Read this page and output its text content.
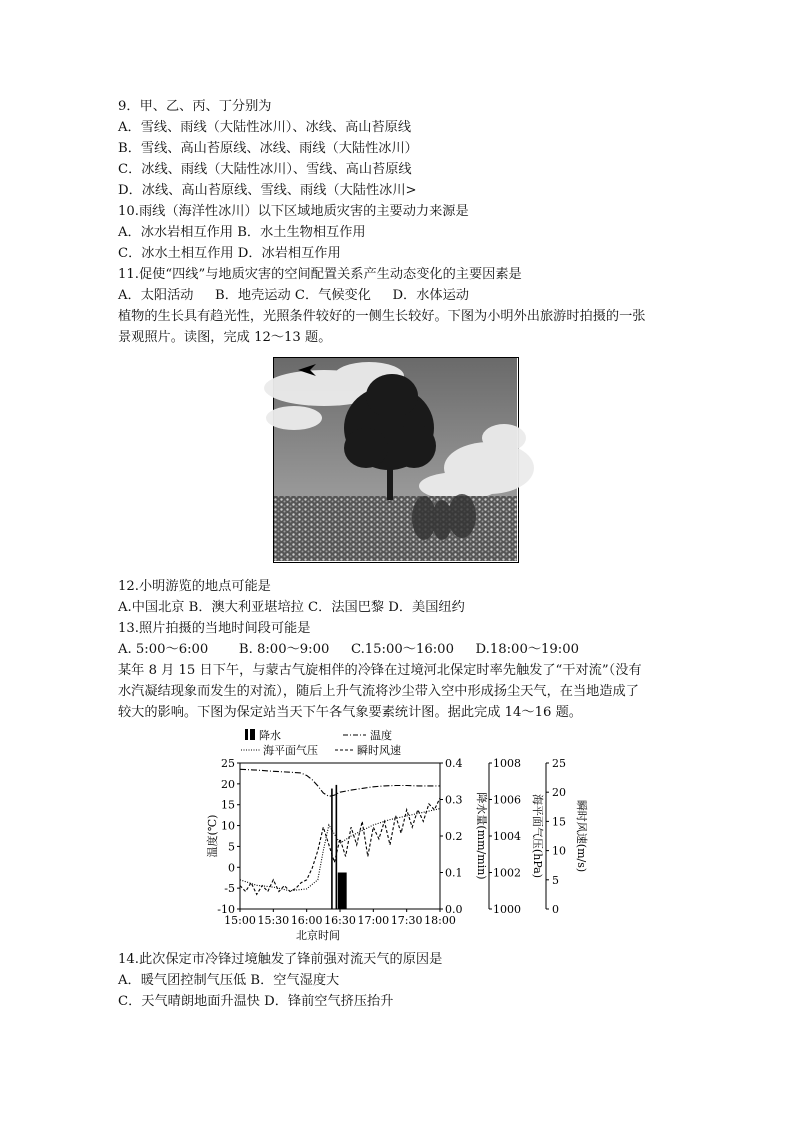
9．甲、乙、丙、丁分别为
A．雪线、雨线（大陆性冰川）、冰线、高山苔原线
B．雪线、高山苔原线、冰线、雨线（大陆性冰川）
C．冰线、雨线（大陆性冰川）、雪线、高山苔原线
D．冰线、高山苔原线、雪线、雨线（大陆性冰川>
10.雨线（海洋性冰川）以下区域地质灾害的主要动力来源是
A．冰水岩相互作用 B．水土生物相互作用
C．冰水土相互作用 D．冰岩相互作用
11.促使“四线”与地质灾害的空间配置关系产生动态变化的主要因素是
A．太阳活动 　 B．地壳运动 C．气候变化 　 D．水体运动
植物的生长具有趋光性，光照条件较好的一侧生长较好。下图为小明外出旅游时拍摄的一张
景观照片。读图，完成 12～13 题。
12.小明游览的地点可能是
A.中国北京 B．澳大利亚堪培拉 C．法国巴黎 D．美国纽约
13.照片拍摄的当地时间段可能是
A. 5:00～6:00 　　B. 8:00～9:00 　 C.15:00～16:00 　 D.18:00～19:00
某年 8 月 15 日下午，与蒙古气旋相伴的冷锋在过境河北保定时率先触发了“干对流”（没有
水汽凝结现象而发生的对流），随后上升气流将沙尘带入空中形成扬尘天气，在当地造成了
较大的影响。下图为保定站当天下午各气象要素统计图。据此完成 14～16 题。
降水	温度
海平面气压	瞬时风速
25
20
15
10
5
0
-5
-10
温度(℃)
0.4
0.3
0.2
0.1
0.0
降水量(mm/min)
1008
1006
1004
1002
1000
海平面气压(hPa)
25
20
15
10
5
0
瞬时风速(m/s)
15:00 15:30 16:00 16:30 17:00 17:30 18:00
北京时间
14.此次保定市冷锋过境触发了锋前强对流天气的原因是
A．暖气团控制气压低 B．空气湿度大
C．天气晴朗地面升温快 D．锋前空气挤压抬升
